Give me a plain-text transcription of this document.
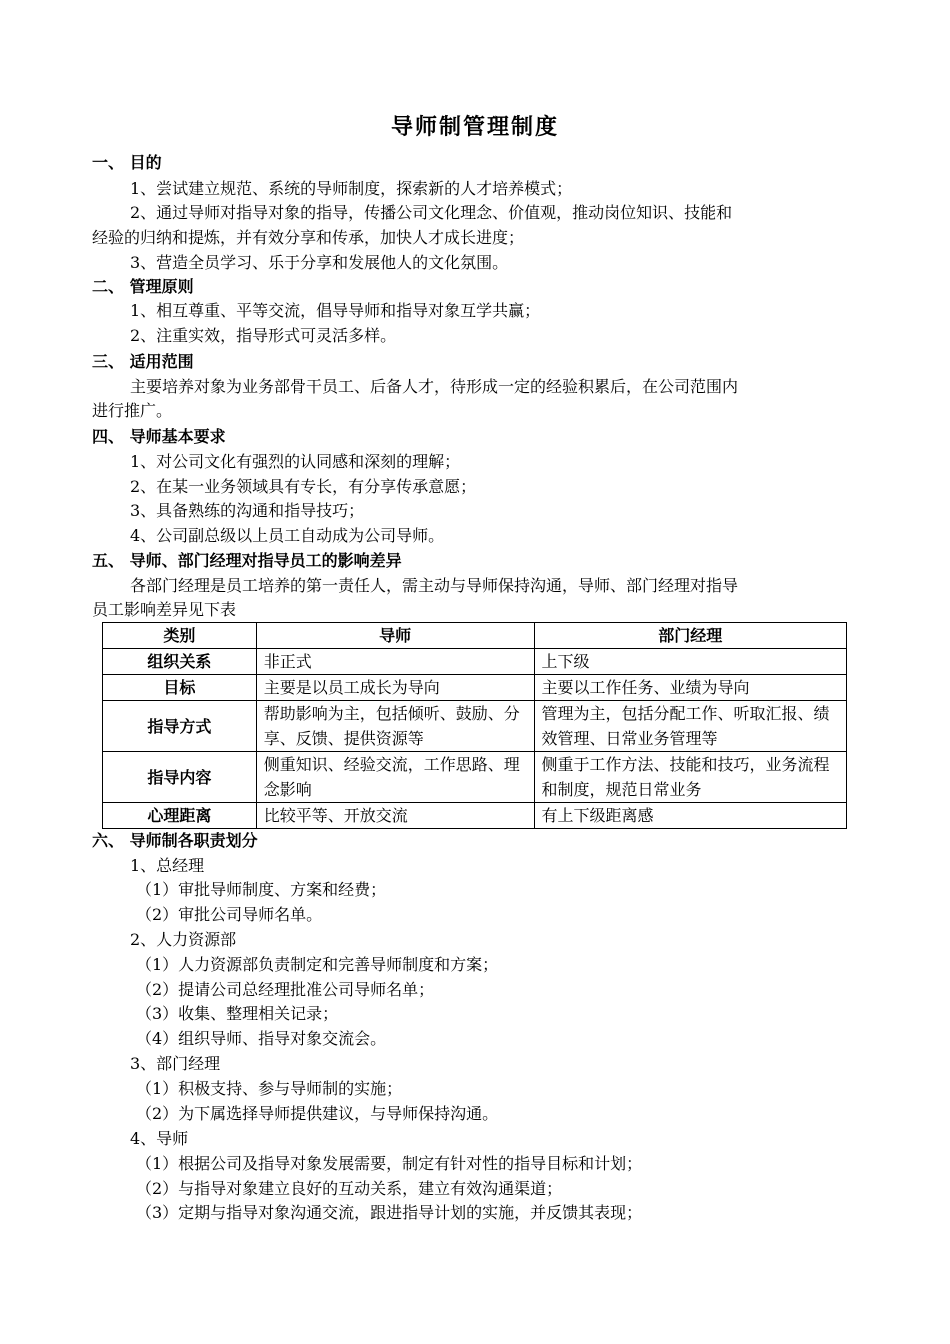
导师制管理制度
一、 目的
1、尝试建立规范、系统的导师制度，探索新的人才培养模式；
2、通过导师对指导对象的指导，传播公司文化理念、价值观，推动岗位知识、技能和
经验的归纳和提炼，并有效分享和传承，加快人才成长进度；
3、营造全员学习、乐于分享和发展他人的文化氛围。
二、 管理原则
1、相互尊重、平等交流，倡导导师和指导对象互学共赢；
2、注重实效，指导形式可灵活多样。
三、 适用范围
主要培养对象为业务部骨干员工、后备人才，待形成一定的经验积累后，在公司范围内
进行推广。
四、 导师基本要求
1、对公司文化有强烈的认同感和深刻的理解；
2、在某一业务领域具有专长，有分享传承意愿；
3、具备熟练的沟通和指导技巧；
4、公司副总级以上员工自动成为公司导师。
五、 导师、部门经理对指导员工的影响差异
各部门经理是员工培养的第一责任人，需主动与导师保持沟通，导师、部门经理对指导
员工影响差异见下表
类别	导师	部门经理
组织关系	非正式	上下级
目标	主要是以员工成长为导向	主要以工作任务、业绩为导向
指导方式	帮助影响为主，包括倾听、鼓励、分享、反馈、提供资源等	管理为主，包括分配工作、听取汇报、绩效管理、日常业务管理等
指导内容	侧重知识、经验交流，工作思路、理念影响	侧重于工作方法、技能和技巧，业务流程和制度，规范日常业务
心理距离	比较平等、开放交流	有上下级距离感
六、 导师制各职责划分
1、总经理
（1）审批导师制度、方案和经费；
（2）审批公司导师名单。
2、人力资源部
（1）人力资源部负责制定和完善导师制度和方案；
（2）提请公司总经理批准公司导师名单；
（3）收集、整理相关记录；
（4）组织导师、指导对象交流会。
3、部门经理
（1）积极支持、参与导师制的实施；
（2）为下属选择导师提供建议，与导师保持沟通。
4、导师
（1）根据公司及指导对象发展需要，制定有针对性的指导目标和计划；
（2）与指导对象建立良好的互动关系，建立有效沟通渠道；
（3）定期与指导对象沟通交流，跟进指导计划的实施，并反馈其表现；
